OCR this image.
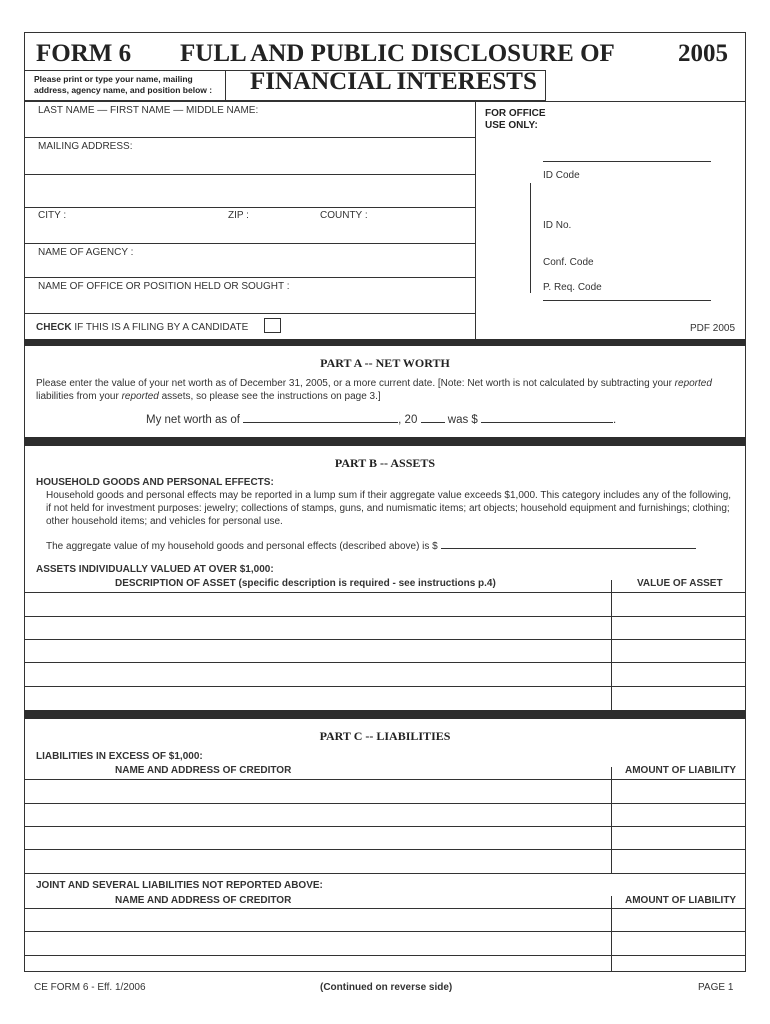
FORM 6 FULL AND PUBLIC DISCLOSURE OF	2005
Please print or type your name, mailing address, agency name, and position below :	FINANCIAL INTERESTS
LAST NAME — FIRST NAME — MIDDLE NAME:
MAILING ADDRESS:
CITY :	ZIP :	COUNTY :
NAME OF AGENCY :
NAME OF OFFICE OR POSITION HELD OR SOUGHT :
CHECK IF THIS IS A FILING BY A CANDIDATE
FOR OFFICE
USE ONLY:
ID Code
ID No.
Conf. Code
P. Req. Code
PDF 2005
PART A -- NET WORTH
Please enter the value of your net worth as of December 31, 2005, or a more current date. [Note: Net worth is not calculated by subtracting your reported liabilities from your reported assets, so please see the instructions on page 3.]
My net worth as of	, 20	was $	.
PART B -- ASSETS
HOUSEHOLD GOODS AND PERSONAL EFFECTS:
Household goods and personal effects may be reported in a lump sum if their aggregate value exceeds $1,000. This category includes any of the following, if not held for investment purposes: jewelry; collections of stamps, guns, and numismatic items; art objects; household equipment and furnishings; clothing; other household items; and vehicles for personal use.
The aggregate value of my household goods and personal effects (described above) is $
ASSETS INDIVIDUALLY VALUED AT OVER $1,000:
DESCRIPTION OF ASSET (specific description is required - see instructions p.4)	VALUE OF ASSET
PART C -- LIABILITIES
LIABILITIES IN EXCESS OF $1,000:
NAME AND ADDRESS OF CREDITOR	AMOUNT OF LIABILITY
JOINT AND SEVERAL LIABILITIES NOT REPORTED ABOVE:
NAME AND ADDRESS OF CREDITOR	AMOUNT OF LIABILITY
CE FORM 6 - Eff. 1/2006	(Continued on reverse side)	PAGE 1
